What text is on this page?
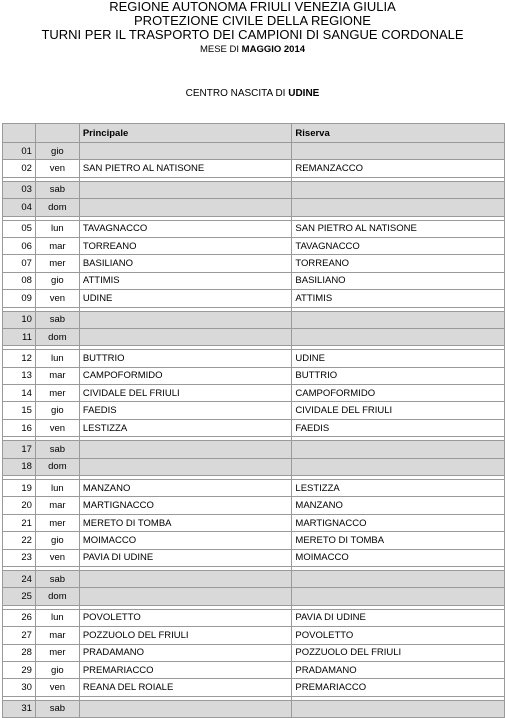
REGIONE AUTONOMA FRIULI VENEZIA GIULIA
PROTEZIONE CIVILE DELLA REGIONE
TURNI PER IL TRASPORTO DEI CAMPIONI DI SANGUE CORDONALE
MESE DI MAGGIO 2014
CENTRO NASCITA DI UDINE
		Principale	Riserva
01	gio		
02	ven	SAN PIETRO AL NATISONE	REMANZACCO

03	sab		
04	dom		

05	lun	TAVAGNACCO	SAN PIETRO AL NATISONE
06	mar	TORREANO	TAVAGNACCO
07	mer	BASILIANO	TORREANO
08	gio	ATTIMIS	BASILIANO
09	ven	UDINE	ATTIMIS

10	sab		
11	dom		

12	lun	BUTTRIO	UDINE
13	mar	CAMPOFORMIDO	BUTTRIO
14	mer	CIVIDALE DEL FRIULI	CAMPOFORMIDO
15	gio	FAEDIS	CIVIDALE DEL FRIULI
16	ven	LESTIZZA	FAEDIS

17	sab		
18	dom		

19	lun	MANZANO	LESTIZZA
20	mar	MARTIGNACCO	MANZANO
21	mer	MERETO DI TOMBA	MARTIGNACCO
22	gio	MOIMACCO	MERETO DI TOMBA
23	ven	PAVIA DI UDINE	MOIMACCO

24	sab		
25	dom		

26	lun	POVOLETTO	PAVIA DI UDINE
27	mar	POZZUOLO DEL FRIULI	POVOLETTO
28	mer	PRADAMANO	POZZUOLO DEL FRIULI
29	gio	PREMARIACCO	PRADAMANO
30	ven	REANA DEL ROIALE	PREMARIACCO

31	sab		
